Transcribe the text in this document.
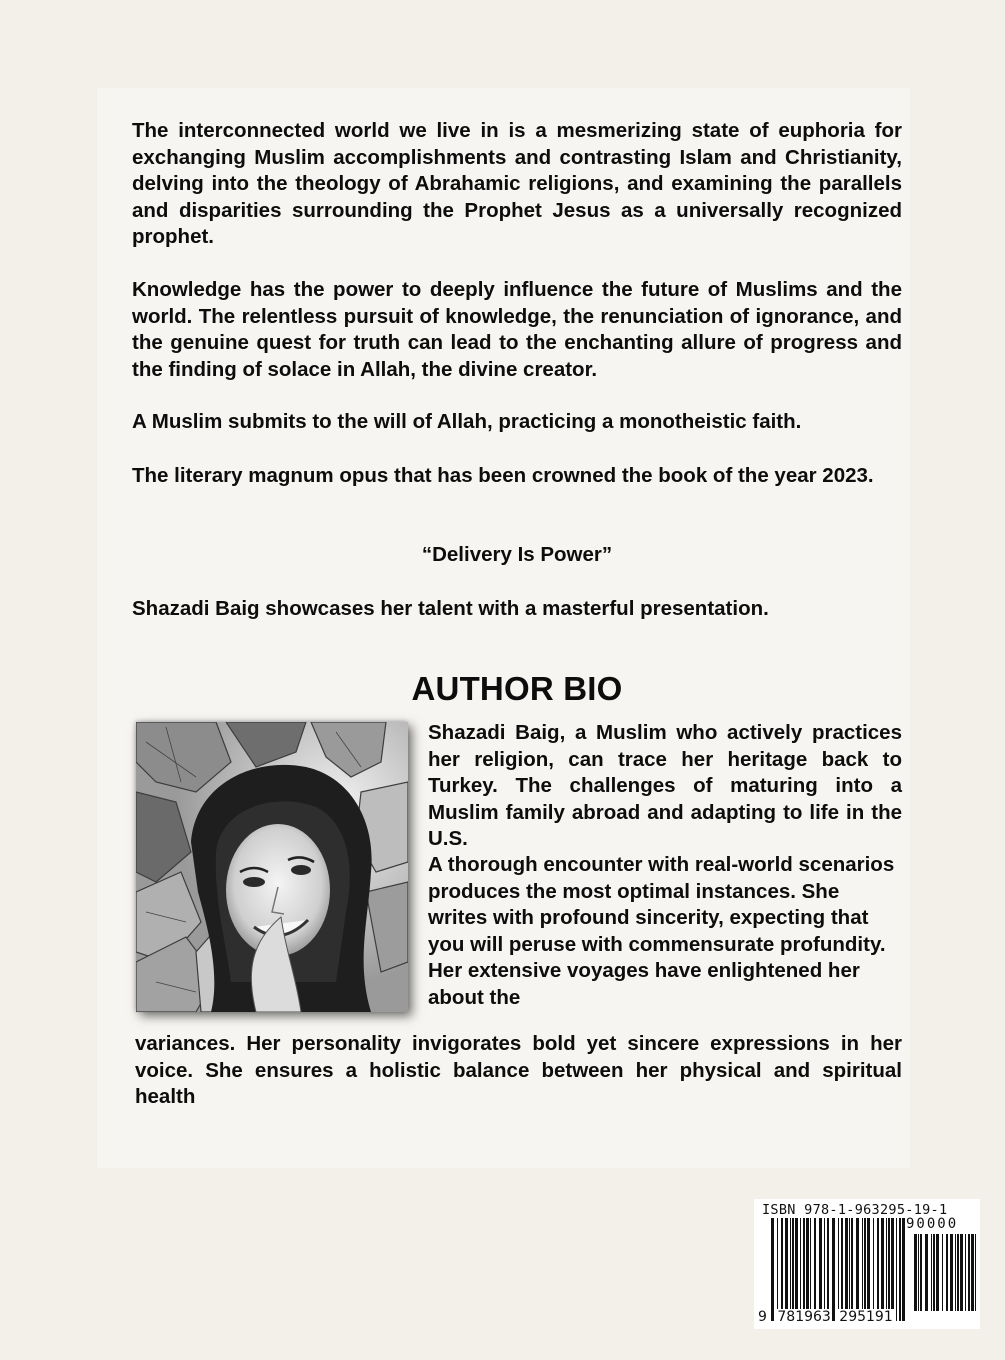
The interconnected world we live in is a mesmerizing state of euphoria for exchanging Muslim accomplishments and contrasting Islam and Christianity, delving into the theology of Abrahamic religions, and examining the parallels and disparities surrounding the Prophet Jesus as a universally recognized prophet.

Knowledge has the power to deeply influence the future of Muslims and the world. The relentless pursuit of knowledge, the renunciation of ignorance, and the genuine quest for truth can lead to the enchanting allure of progress and the finding of solace in Allah, the divine creator.

A Muslim submits to the will of Allah, practicing a monotheistic faith.

The literary magnum opus that has been crowned the book of the year 2023.

“Delivery Is Power”

Shazadi Baig showcases her talent with a masterful presentation.

AUTHOR BIO

Shazadi Baig, a Muslim who actively practices her religion, can trace her heritage back to Turkey. The challenges of maturing into a Muslim family abroad and adapting to life in the U.S.

A thorough encounter with real-world scenarios produces the most optimal instances. She writes with profound sincerity, expecting that you will peruse with commensurate profundity. Her extensive voyages have enlightened her about the

variances. Her personality invigorates bold yet sincere expressions in her voice. She ensures a holistic balance between her physical and spiritual health

ISBN 978-1-963295-19-1
90000
9 781963 295191
